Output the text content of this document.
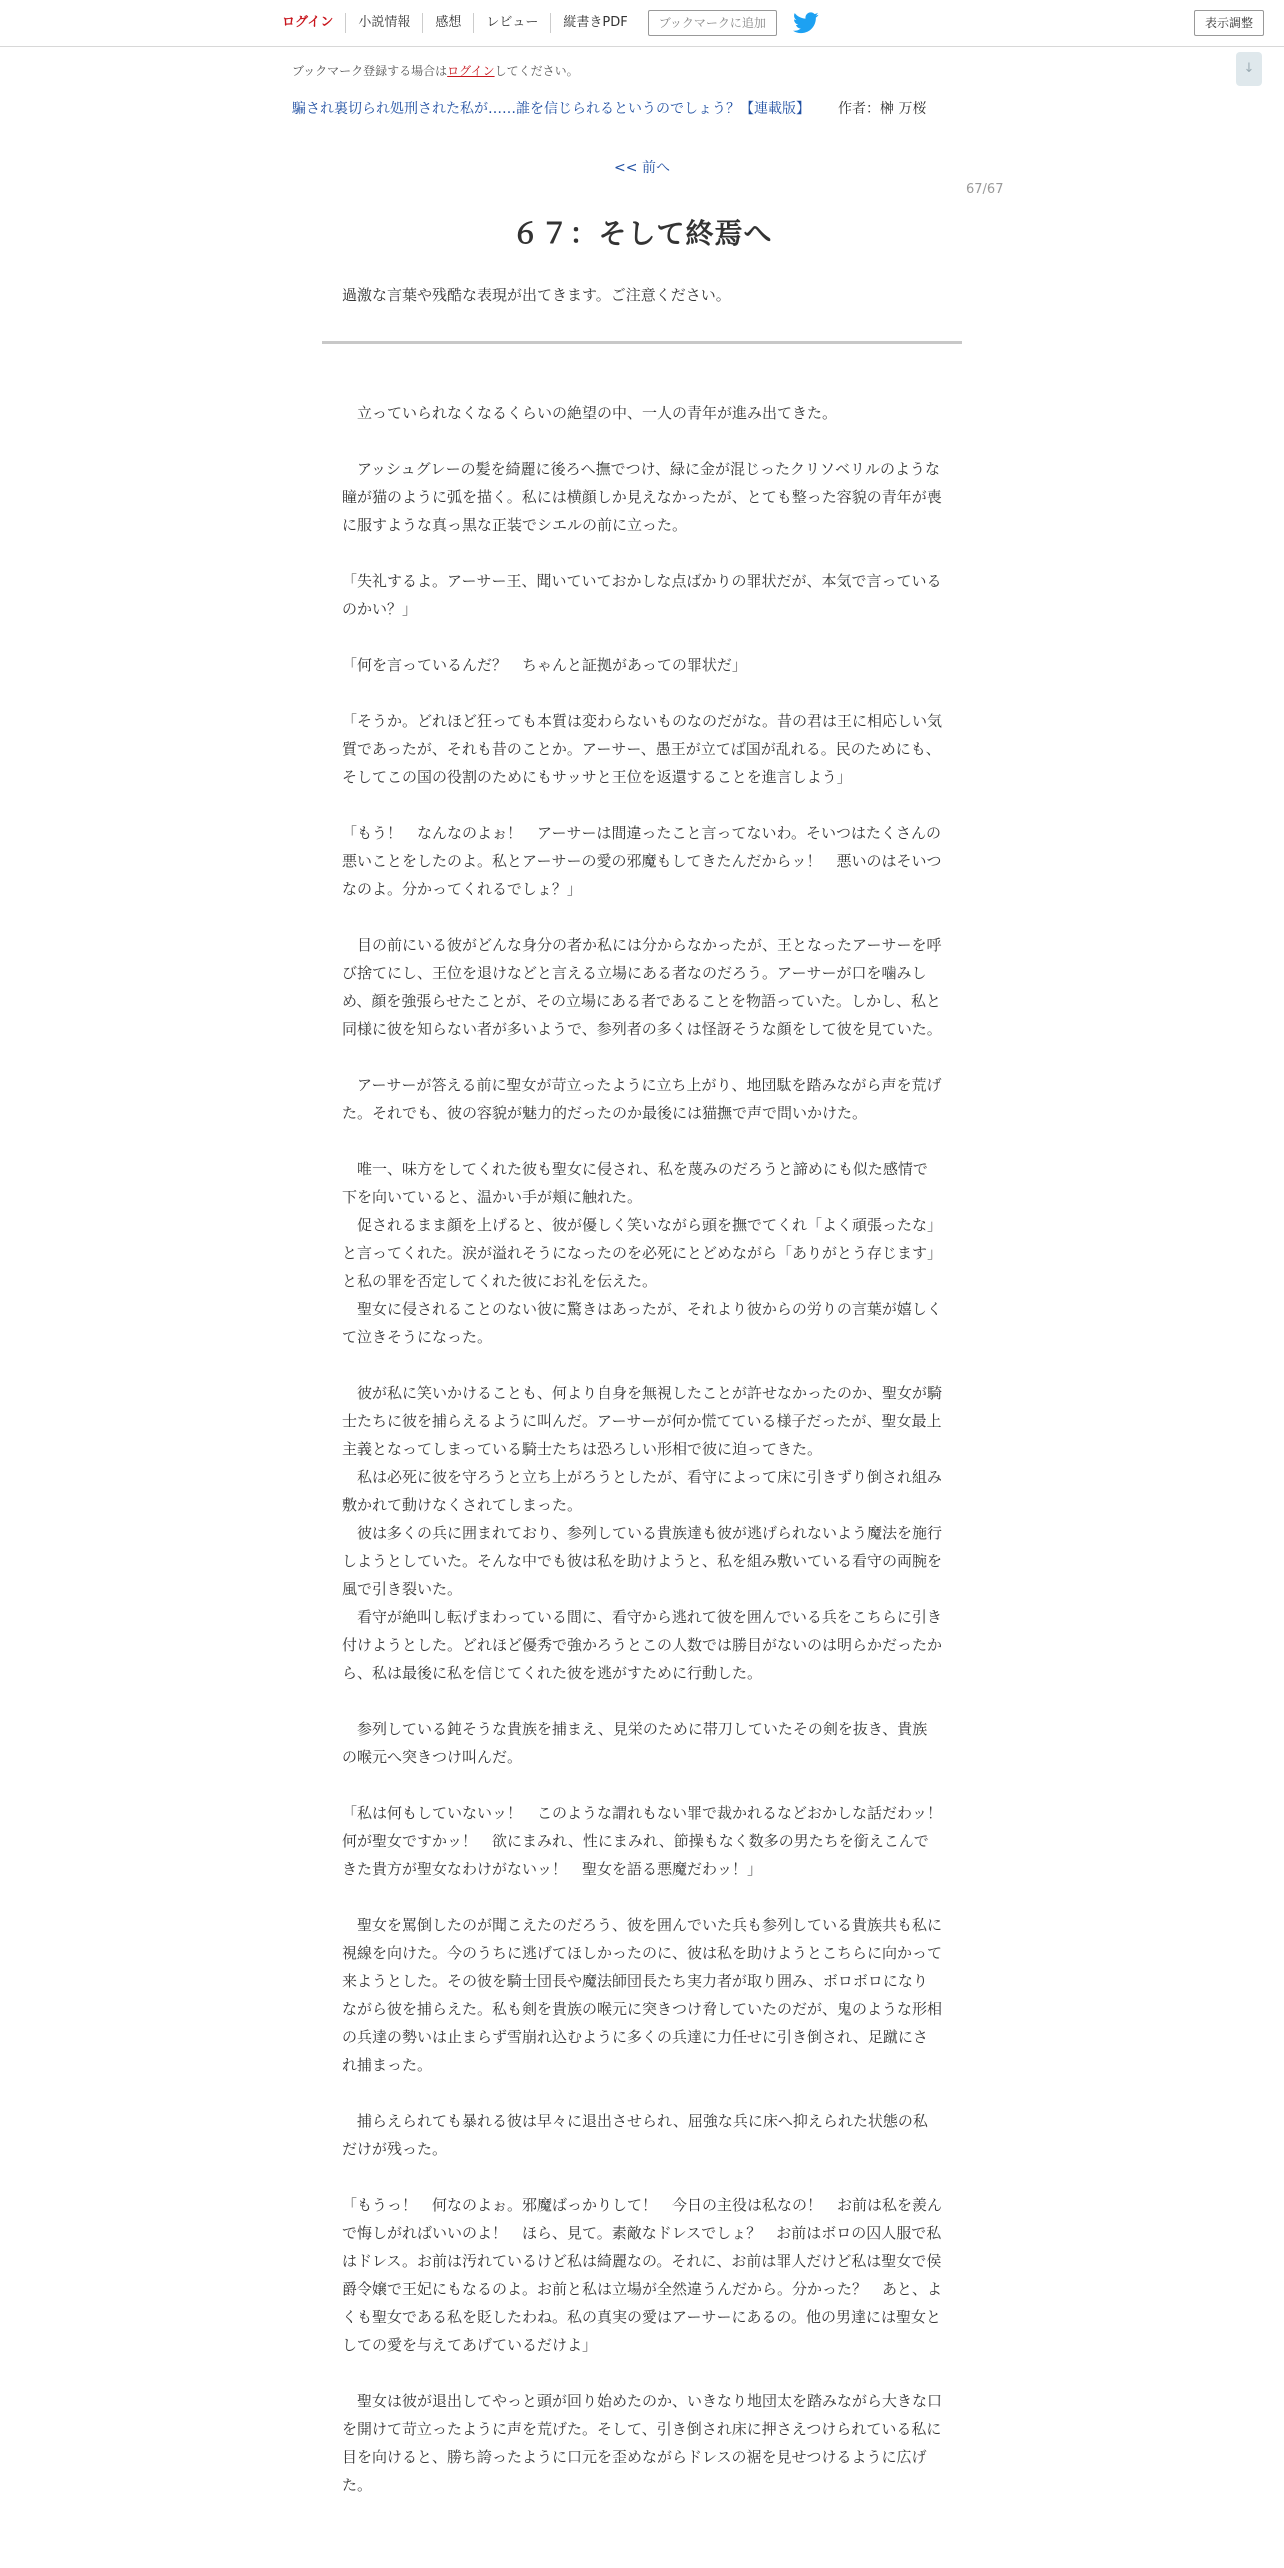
ログイン	小説情報	感想	レビュー	縦書きPDF	ブックマークに追加	表示調整
↓
ブックマーク登録する場合はログインしてください。
騙され裏切られ処刑された私が……誰を信じられるというのでしょう？【連載版】 作者：榊 万桜
<< 前へ
67/67
６７：そして終焉へ
過激な言葉や残酷な表現が出てきます。ご注意ください。

　立っていられなくなるくらいの絶望の中、一人の青年が進み出てきた。

　アッシュグレーの髪を綺麗に後ろへ撫でつけ、緑に金が混じったクリソベリルのような瞳が猫のように弧を描く。私には横顔しか見えなかったが、とても整った容貌の青年が喪に服すような真っ黒な正装でシエルの前に立った。

「失礼するよ。アーサー王、聞いていておかしな点ばかりの罪状だが、本気で言っているのかい？」

「何を言っているんだ？　ちゃんと証拠があっての罪状だ」

「そうか。どれほど狂っても本質は変わらないものなのだがな。昔の君は王に相応しい気質であったが、それも昔のことか。アーサー、愚王が立てば国が乱れる。民のためにも、そしてこの国の役割のためにもサッサと王位を返還することを進言しよう」

「もう！　なんなのよぉ！　アーサーは間違ったこと言ってないわ。そいつはたくさんの悪いことをしたのよ。私とアーサーの愛の邪魔もしてきたんだからッ！　悪いのはそいつなのよ。分かってくれるでしょ？」

　目の前にいる彼がどんな身分の者か私には分からなかったが、王となったアーサーを呼び捨てにし、王位を退けなどと言える立場にある者なのだろう。アーサーが口を噛みしめ、顔を強張らせたことが、その立場にある者であることを物語っていた。しかし、私と同様に彼を知らない者が多いようで、参列者の多くは怪訝そうな顔をして彼を見ていた。

　アーサーが答える前に聖女が苛立ったように立ち上がり、地団駄を踏みながら声を荒げた。それでも、彼の容貌が魅力的だったのか最後には猫撫で声で問いかけた。

　唯一、味方をしてくれた彼も聖女に侵され、私を蔑みのだろうと諦めにも似た感情で下を向いていると、温かい手が頬に触れた。

　促されるまま顔を上げると、彼が優しく笑いながら頭を撫でてくれ「よく頑張ったな」と言ってくれた。涙が溢れそうになったのを必死にとどめながら「ありがとう存じます」と私の罪を否定してくれた彼にお礼を伝えた。

　聖女に侵されることのない彼に驚きはあったが、それより彼からの労りの言葉が嬉しくて泣きそうになった。

　彼が私に笑いかけることも、何より自身を無視したことが許せなかったのか、聖女が騎士たちに彼を捕らえるように叫んだ。アーサーが何か慌てている様子だったが、聖女最上主義となってしまっている騎士たちは恐ろしい形相で彼に迫ってきた。

　私は必死に彼を守ろうと立ち上がろうとしたが、看守によって床に引きずり倒され組み敷かれて動けなくされてしまった。

　彼は多くの兵に囲まれており、参列している貴族達も彼が逃げられないよう魔法を施行しようとしていた。そんな中でも彼は私を助けようと、私を組み敷いている看守の両腕を風で引き裂いた。

　看守が絶叫し転げまわっている間に、看守から逃れて彼を囲んでいる兵をこちらに引き付けようとした。どれほど優秀で強かろうとこの人数では勝目がないのは明らかだったから、私は最後に私を信じてくれた彼を逃がすために行動した。

　参列している鈍そうな貴族を捕まえ、見栄のために帯刀していたその剣を抜き、貴族の喉元へ突きつけ叫んだ。

「私は何もしていないッ！　このような謂れもない罪で裁かれるなどおかしな話だわッ！　何が聖女ですかッ！　欲にまみれ、性にまみれ、節操もなく数多の男たちを銜えこんできた貴方が聖女なわけがないッ！　聖女を語る悪魔だわッ！」

　聖女を罵倒したのが聞こえたのだろう、彼を囲んでいた兵も参列している貴族共も私に視線を向けた。今のうちに逃げてほしかったのに、彼は私を助けようとこちらに向かって来ようとした。その彼を騎士団長や魔法師団長たち実力者が取り囲み、ボロボロになりながら彼を捕らえた。私も剣を貴族の喉元に突きつけ脅していたのだが、鬼のような形相の兵達の勢いは止まらず雪崩れ込むように多くの兵達に力任せに引き倒され、足蹴にされ捕まった。

　捕らえられても暴れる彼は早々に退出させられ、屈強な兵に床へ抑えられた状態の私だけが残った。

「もうっ！　何なのよぉ。邪魔ばっかりして！　今日の主役は私なの！　お前は私を羨んで悔しがればいいのよ！　ほら、見て。素敵なドレスでしょ？　お前はボロの囚人服で私はドレス。お前は汚れているけど私は綺麗なの。それに、お前は罪人だけど私は聖女で侯爵令嬢で王妃にもなるのよ。お前と私は立場が全然違うんだから。分かった？　あと、よくも聖女である私を貶したわね。私の真実の愛はアーサーにあるの。他の男達には聖女としての愛を与えてあげているだけよ」

　聖女は彼が退出してやっと頭が回り始めたのか、いきなり地団太を踏みながら大きな口を開けて苛立ったように声を荒げた。そして、引き倒され床に押さえつけられている私に目を向けると、勝ち誇ったように口元を歪めながらドレスの裾を見せつけるように広げた。
